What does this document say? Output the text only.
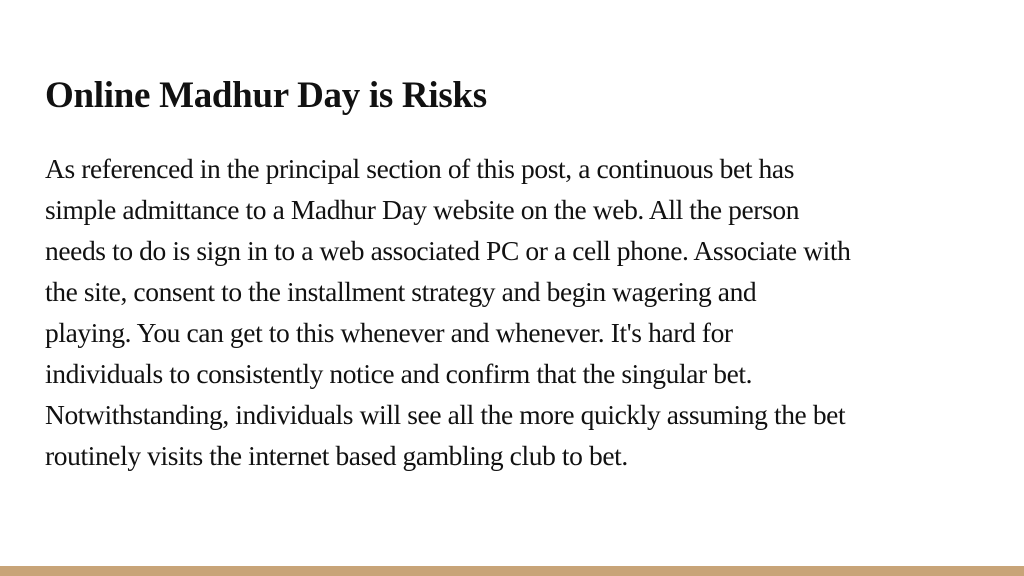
Online Madhur Day is Risks

As referenced in the principal section of this post, a continuous bet has
simple admittance to a Madhur Day website on the web. All the person
needs to do is sign in to a web associated PC or a cell phone. Associate with
the site, consent to the installment strategy and begin wagering and
playing. You can get to this whenever and whenever. It's hard for
individuals to consistently notice and confirm that the singular bet.
Notwithstanding, individuals will see all the more quickly assuming the bet
routinely visits the internet based gambling club to bet.
